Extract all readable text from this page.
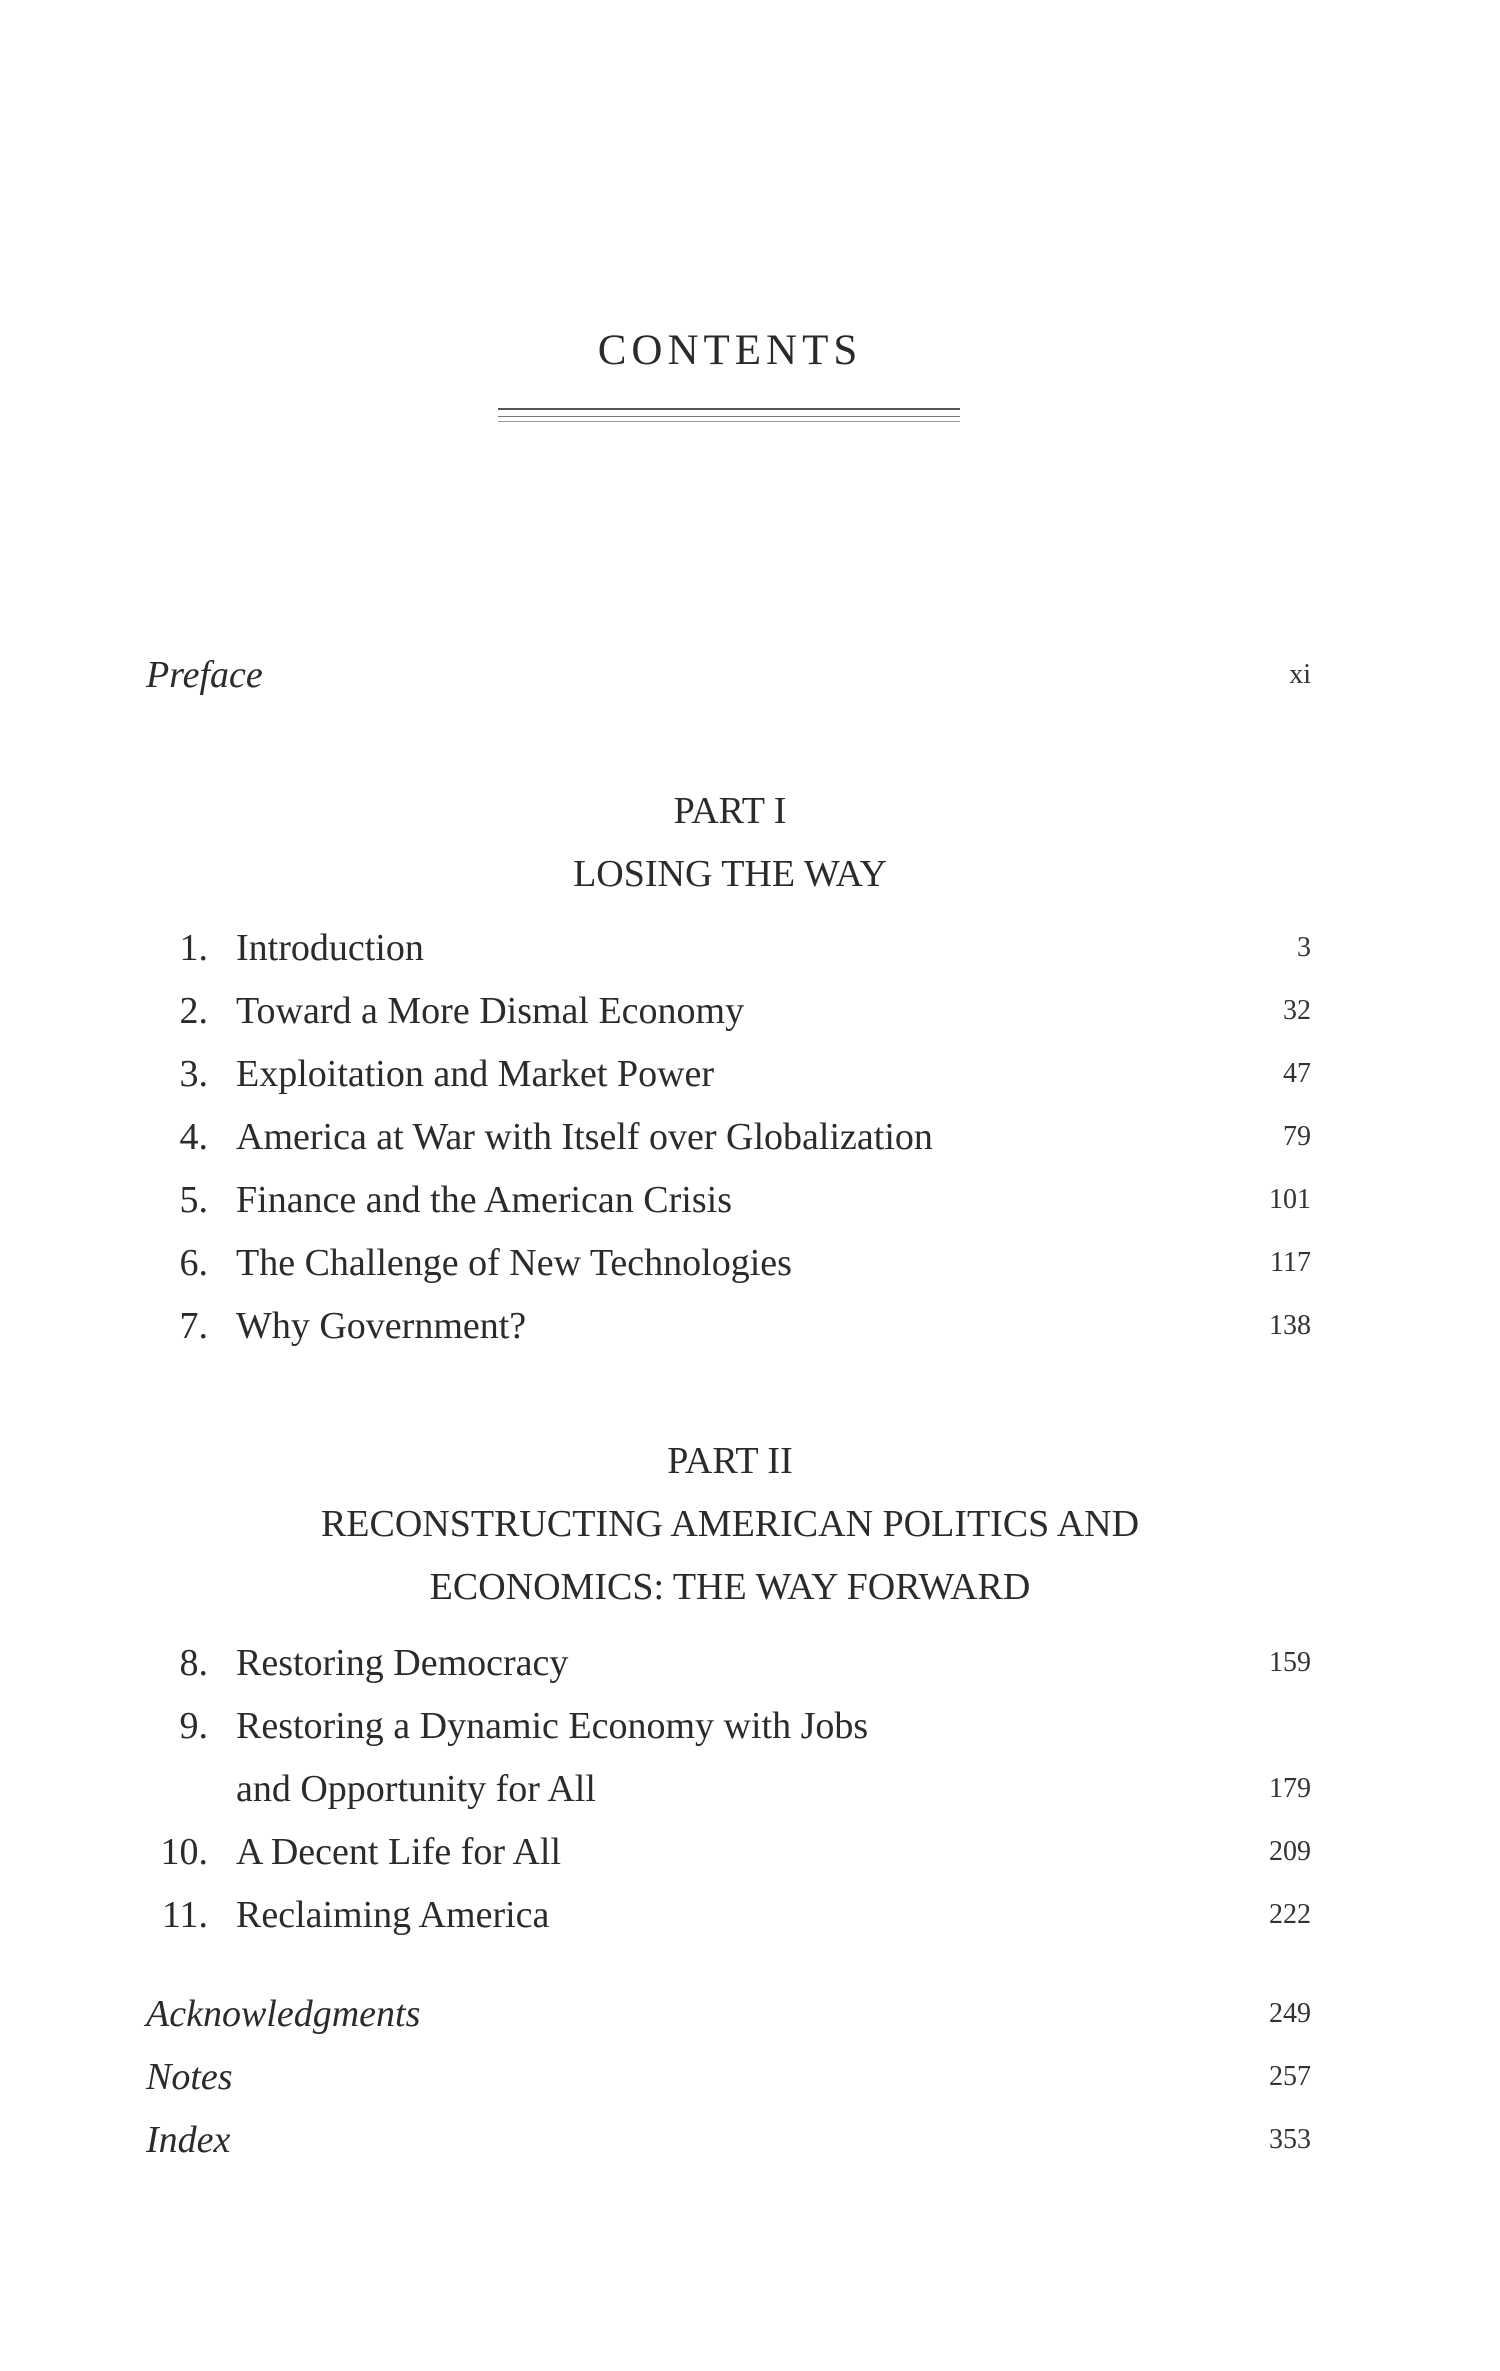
CONTENTS
Preface	xi
PART I
LOSING THE WAY
1. Introduction	3
2. Toward a More Dismal Economy	32
3. Exploitation and Market Power	47
4. America at War with Itself over Globalization	79
5. Finance and the American Crisis	101
6. The Challenge of New Technologies	117
7. Why Government?	138
PART II
RECONSTRUCTING AMERICAN POLITICS AND
ECONOMICS: THE WAY FORWARD
8. Restoring Democracy	159
9. Restoring a Dynamic Economy with Jobs
and Opportunity for All	179
10. A Decent Life for All	209
11. Reclaiming America	222
Acknowledgments	249
Notes	257
Index	353
